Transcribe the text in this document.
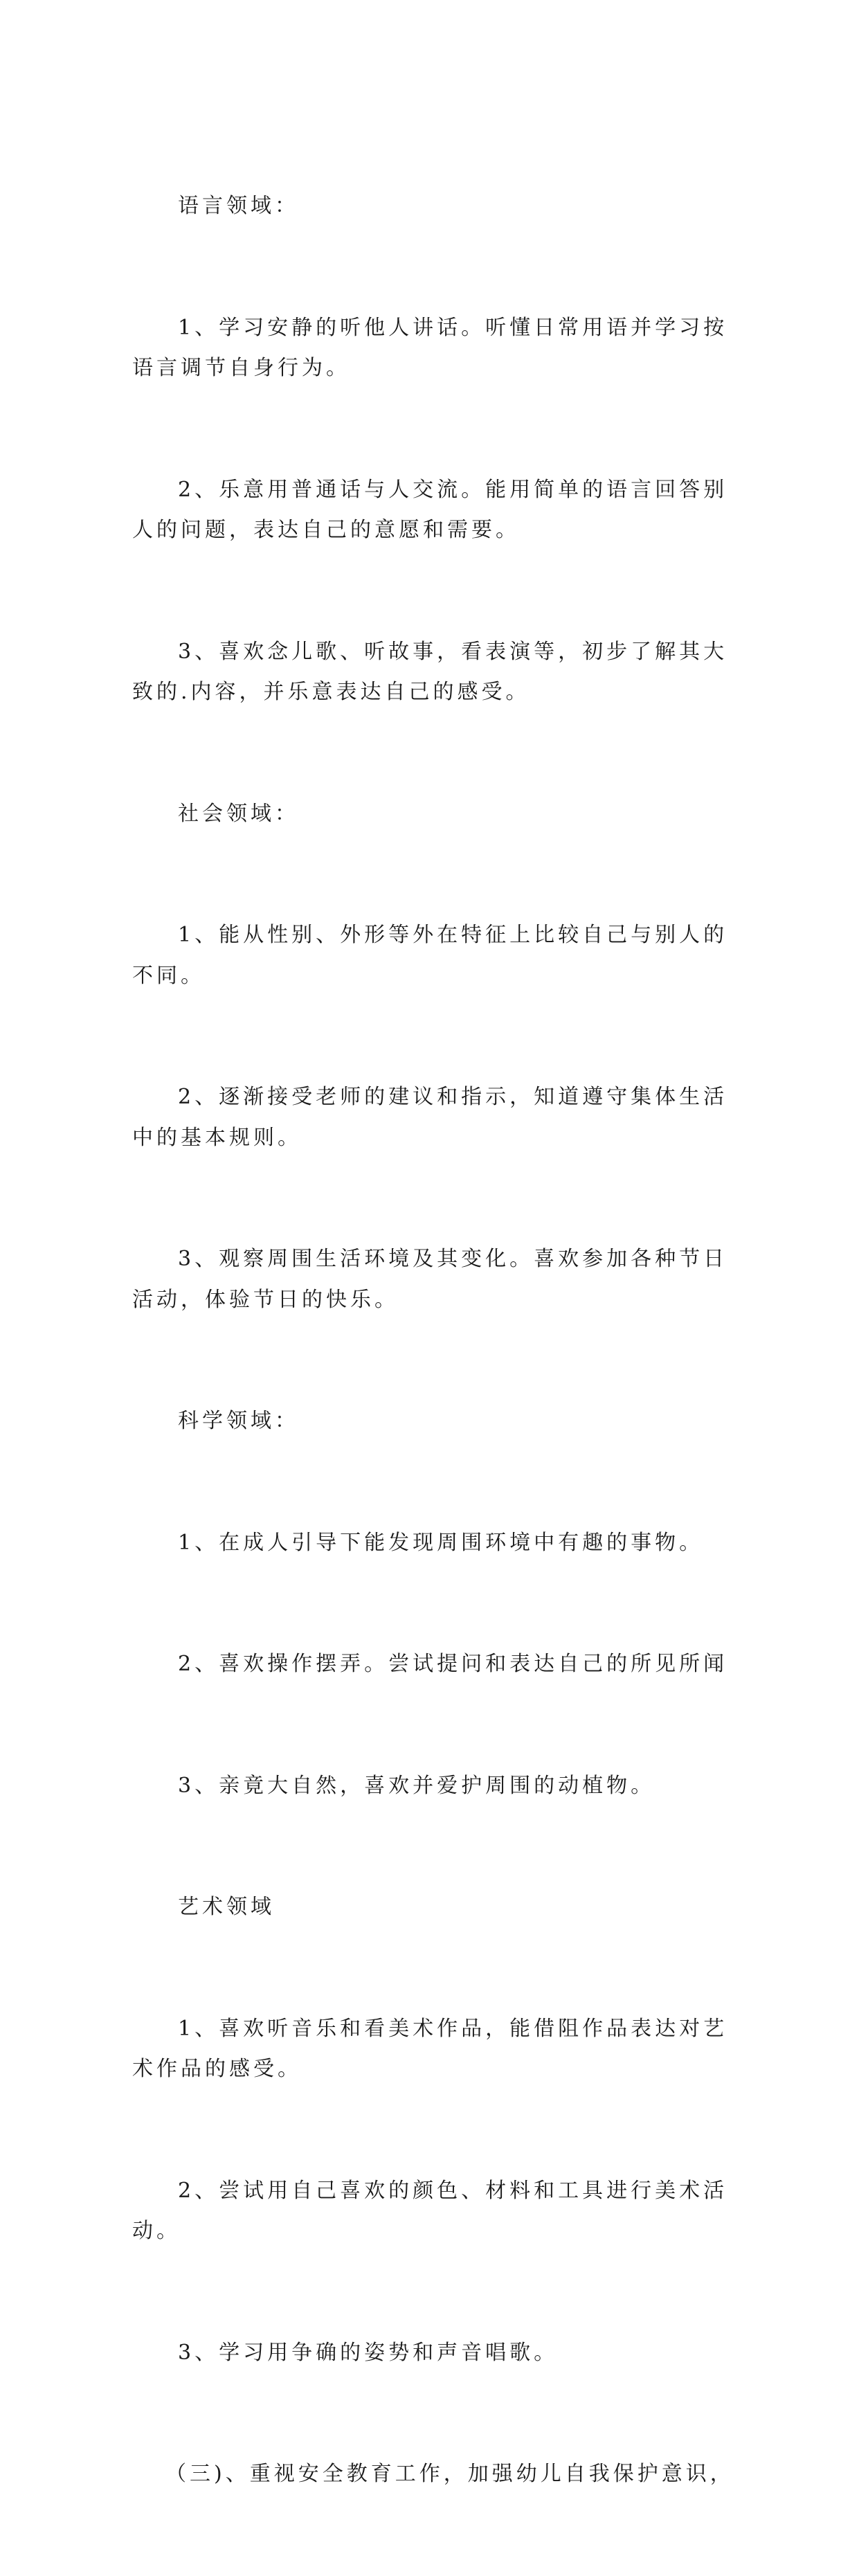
语言领域：

1、学习安静的听他人讲话。听懂日常用语并学习按语言调节自身行为。

2、乐意用普通话与人交流。能用简单的语言回答别人的问题，表达自己的意愿和需要。

3、喜欢念儿歌、听故事，看表演等，初步了解其大致的.内容，并乐意表达自己的感受。

社会领域：

1、能从性别、外形等外在特征上比较自己与别人的不同。

2、逐渐接受老师的建议和指示，知道遵守集体生活中的基本规则。

3、观察周围生活环境及其变化。喜欢参加各种节日活动，体验节日的快乐。

科学领域：

1、在成人引导下能发现周围环境中有趣的事物。

2、喜欢操作摆弄。尝试提问和表达自己的所见所闻

3、亲竟大自然，喜欢并爱护周围的动植物。

艺术领域

1、喜欢听音乐和看美术作品，能借阻作品表达对艺术作品的感受。

2、尝试用自己喜欢的颜色、材料和工具进行美术活动。

3、学习用争确的姿势和声音唱歌。

（三)、重视安全教育工作，加强幼儿自我保护意识，
